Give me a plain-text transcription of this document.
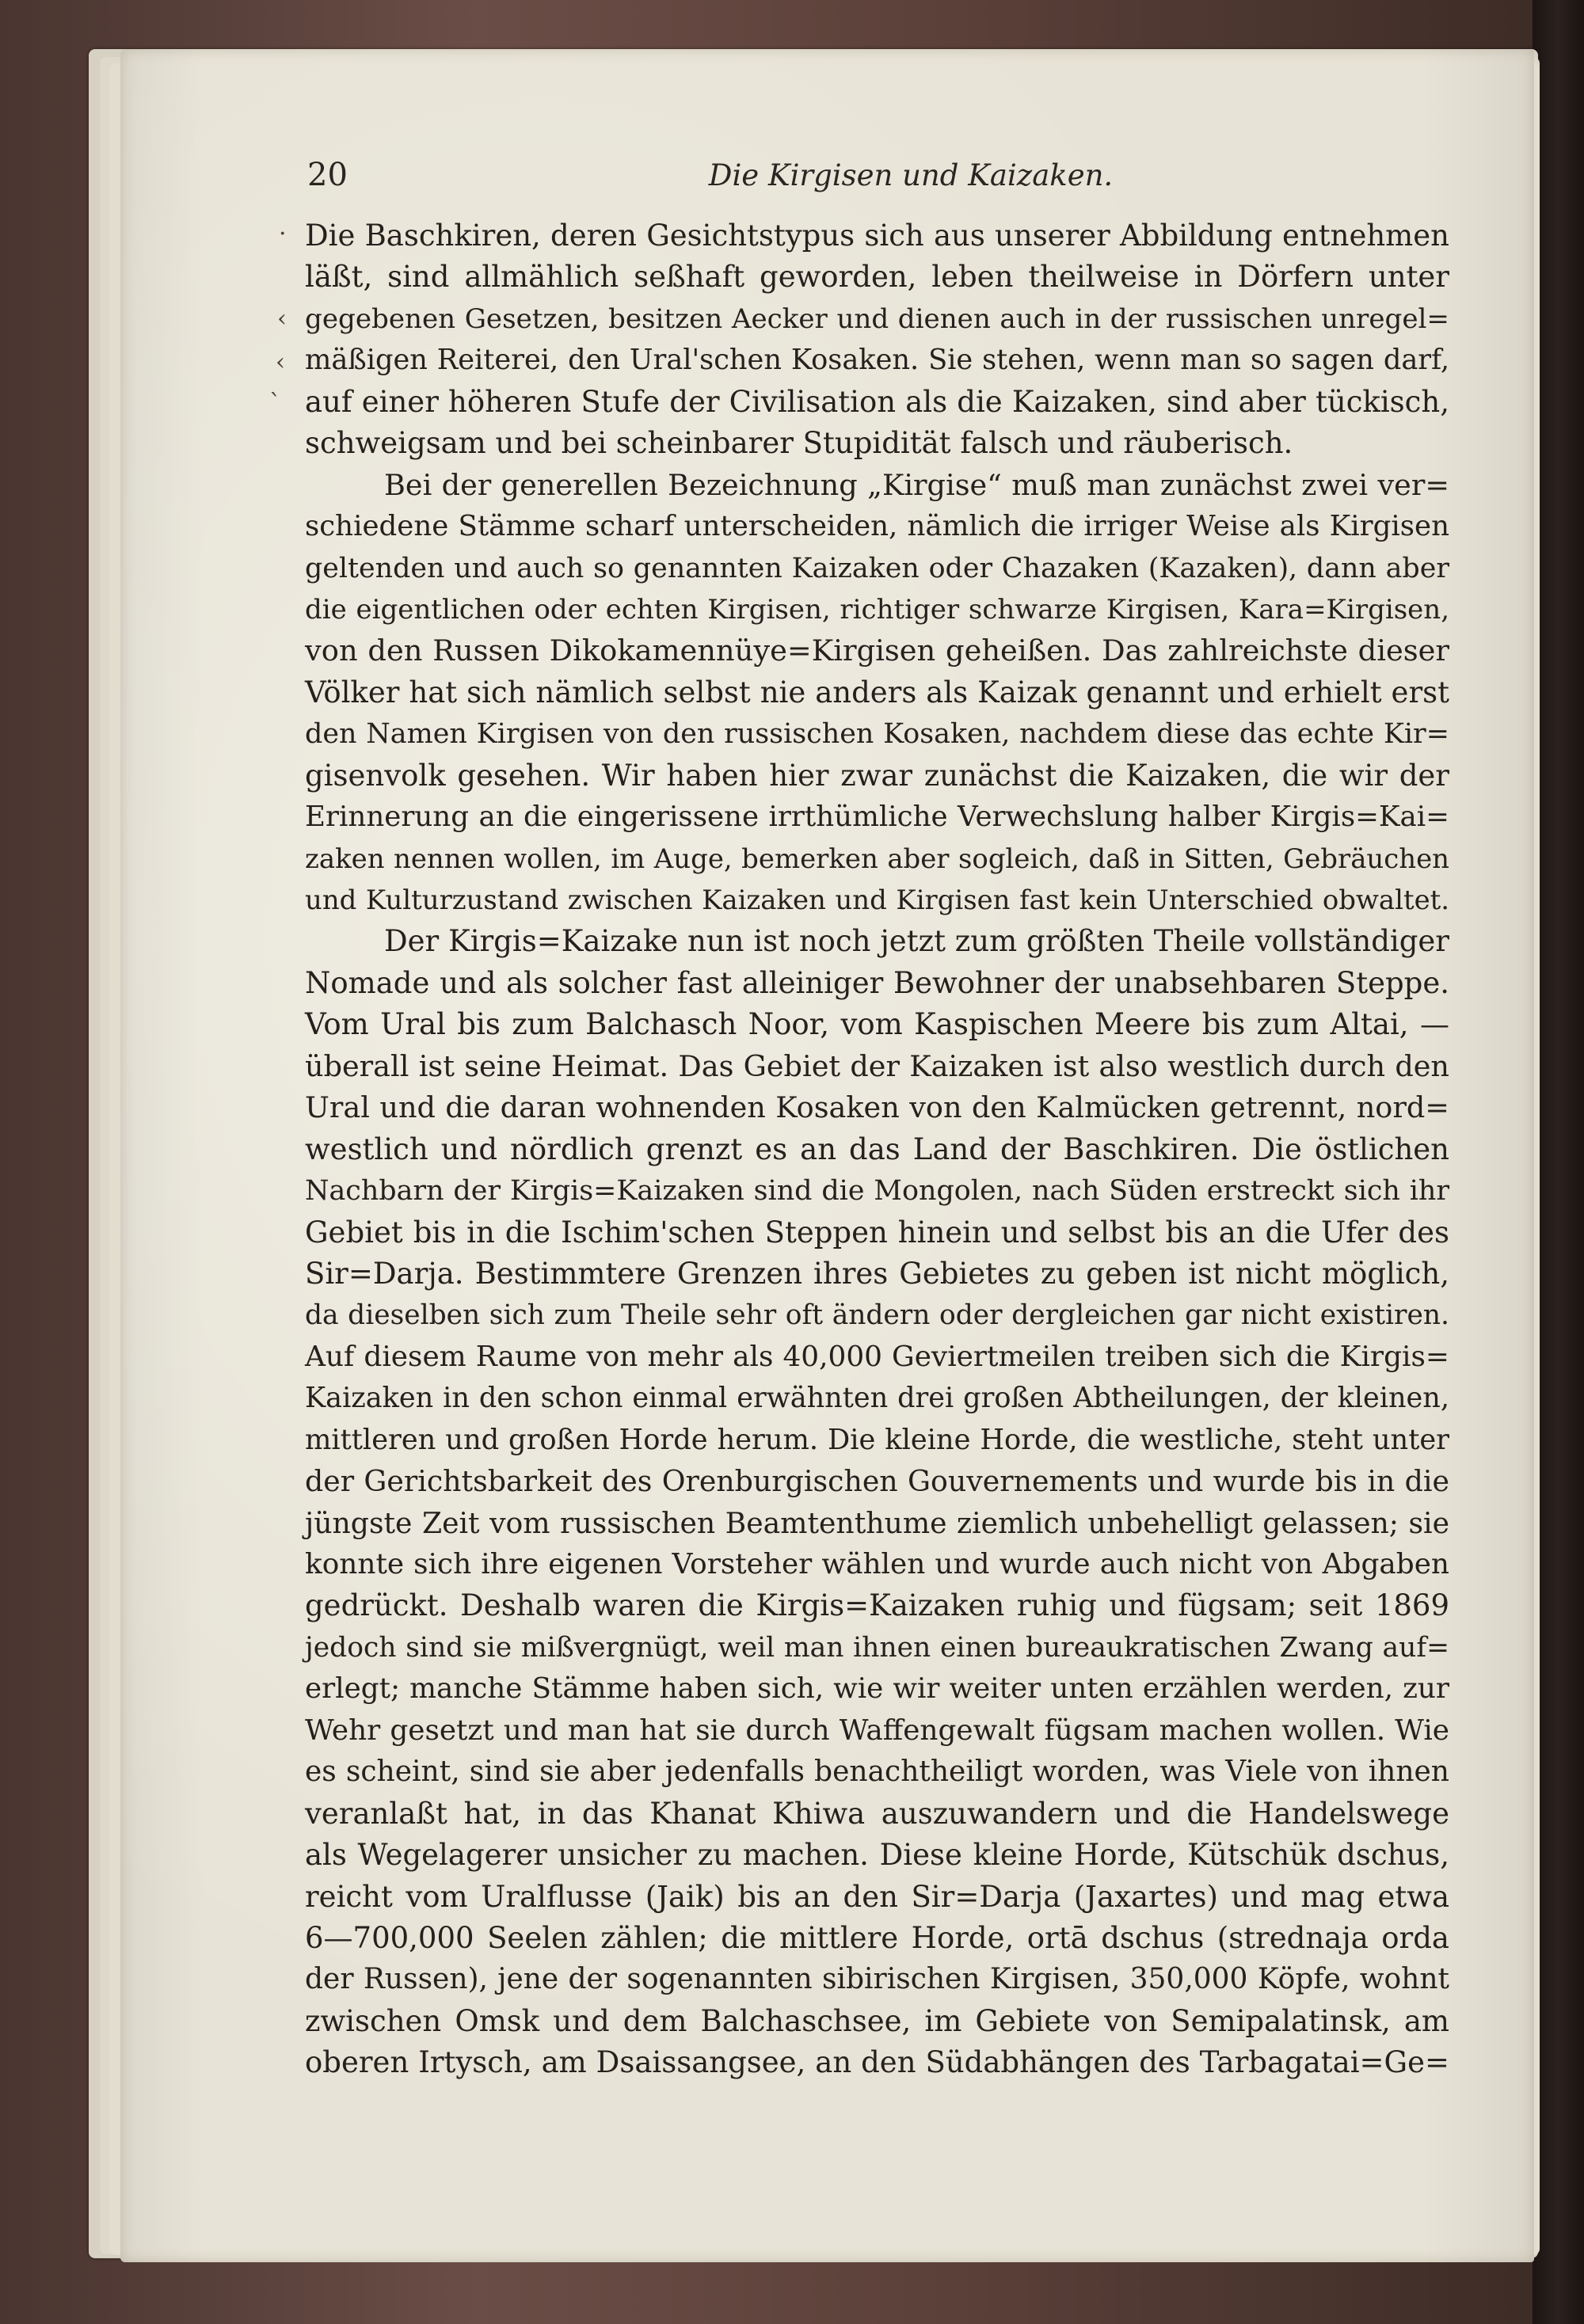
20	Die Kirgisen und Kaizaken.
·
‹
‹
`
Die Baschkiren, deren Gesichtstypus sich aus unserer Abbildung entnehmen
läßt, sind allmählich seßhaft geworden, leben theilweise in Dörfern unter
gegebenen Gesetzen, besitzen Aecker und dienen auch in der russischen unregel=
mäßigen Reiterei, den Ural'schen Kosaken. Sie stehen, wenn man so sagen darf,
auf einer höheren Stufe der Civilisation als die Kaizaken, sind aber tückisch,
schweigsam und bei scheinbarer Stupidität falsch und räuberisch.
Bei der generellen Bezeichnung „Kirgise“ muß man zunächst zwei ver=
schiedene Stämme scharf unterscheiden, nämlich die irriger Weise als Kirgisen
geltenden und auch so genannten Kaizaken oder Chazaken (Kazaken), dann aber
die eigentlichen oder echten Kirgisen, richtiger schwarze Kirgisen, Kara=Kirgisen,
von den Russen Dikokamennüye=Kirgisen geheißen. Das zahlreichste dieser
Völker hat sich nämlich selbst nie anders als Kaizak genannt und erhielt erst
den Namen Kirgisen von den russischen Kosaken, nachdem diese das echte Kir=
gisenvolk gesehen. Wir haben hier zwar zunächst die Kaizaken, die wir der
Erinnerung an die eingerissene irrthümliche Verwechslung halber Kirgis=Kai=
zaken nennen wollen, im Auge, bemerken aber sogleich, daß in Sitten, Gebräuchen
und Kulturzustand zwischen Kaizaken und Kirgisen fast kein Unterschied obwaltet.
Der Kirgis=Kaizake nun ist noch jetzt zum größten Theile vollständiger
Nomade und als solcher fast alleiniger Bewohner der unabsehbaren Steppe.
Vom Ural bis zum Balchasch Noor, vom Kaspischen Meere bis zum Altai, —
überall ist seine Heimat. Das Gebiet der Kaizaken ist also westlich durch den
Ural und die daran wohnenden Kosaken von den Kalmücken getrennt, nord=
westlich und nördlich grenzt es an das Land der Baschkiren. Die östlichen
Nachbarn der Kirgis=Kaizaken sind die Mongolen, nach Süden erstreckt sich ihr
Gebiet bis in die Ischim'schen Steppen hinein und selbst bis an die Ufer des
Sir=Darja. Bestimmtere Grenzen ihres Gebietes zu geben ist nicht möglich,
da dieselben sich zum Theile sehr oft ändern oder dergleichen gar nicht existiren.
Auf diesem Raume von mehr als 40,000 Geviertmeilen treiben sich die Kirgis=
Kaizaken in den schon einmal erwähnten drei großen Abtheilungen, der kleinen,
mittleren und großen Horde herum. Die kleine Horde, die westliche, steht unter
der Gerichtsbarkeit des Orenburgischen Gouvernements und wurde bis in die
jüngste Zeit vom russischen Beamtenthume ziemlich unbehelligt gelassen; sie
konnte sich ihre eigenen Vorsteher wählen und wurde auch nicht von Abgaben
gedrückt. Deshalb waren die Kirgis=Kaizaken ruhig und fügsam; seit 1869
jedoch sind sie mißvergnügt, weil man ihnen einen bureaukratischen Zwang auf=
erlegt; manche Stämme haben sich, wie wir weiter unten erzählen werden, zur
Wehr gesetzt und man hat sie durch Waffengewalt fügsam machen wollen. Wie
es scheint, sind sie aber jedenfalls benachtheiligt worden, was Viele von ihnen
veranlaßt hat, in das Khanat Khiwa auszuwandern und die Handelswege
als Wegelagerer unsicher zu machen. Diese kleine Horde, Kütschük dschus,
reicht vom Uralflusse (Jaik) bis an den Sir=Darja (Jaxartes) und mag etwa
6—700,000 Seelen zählen; die mittlere Horde, ortā dschus (strednaja orda
der Russen), jene der sogenannten sibirischen Kirgisen, 350,000 Köpfe, wohnt
zwischen Omsk und dem Balchaschsee, im Gebiete von Semipalatinsk, am
oberen Irtysch, am Dsaissangsee, an den Südabhängen des Tarbagatai=Ge=
